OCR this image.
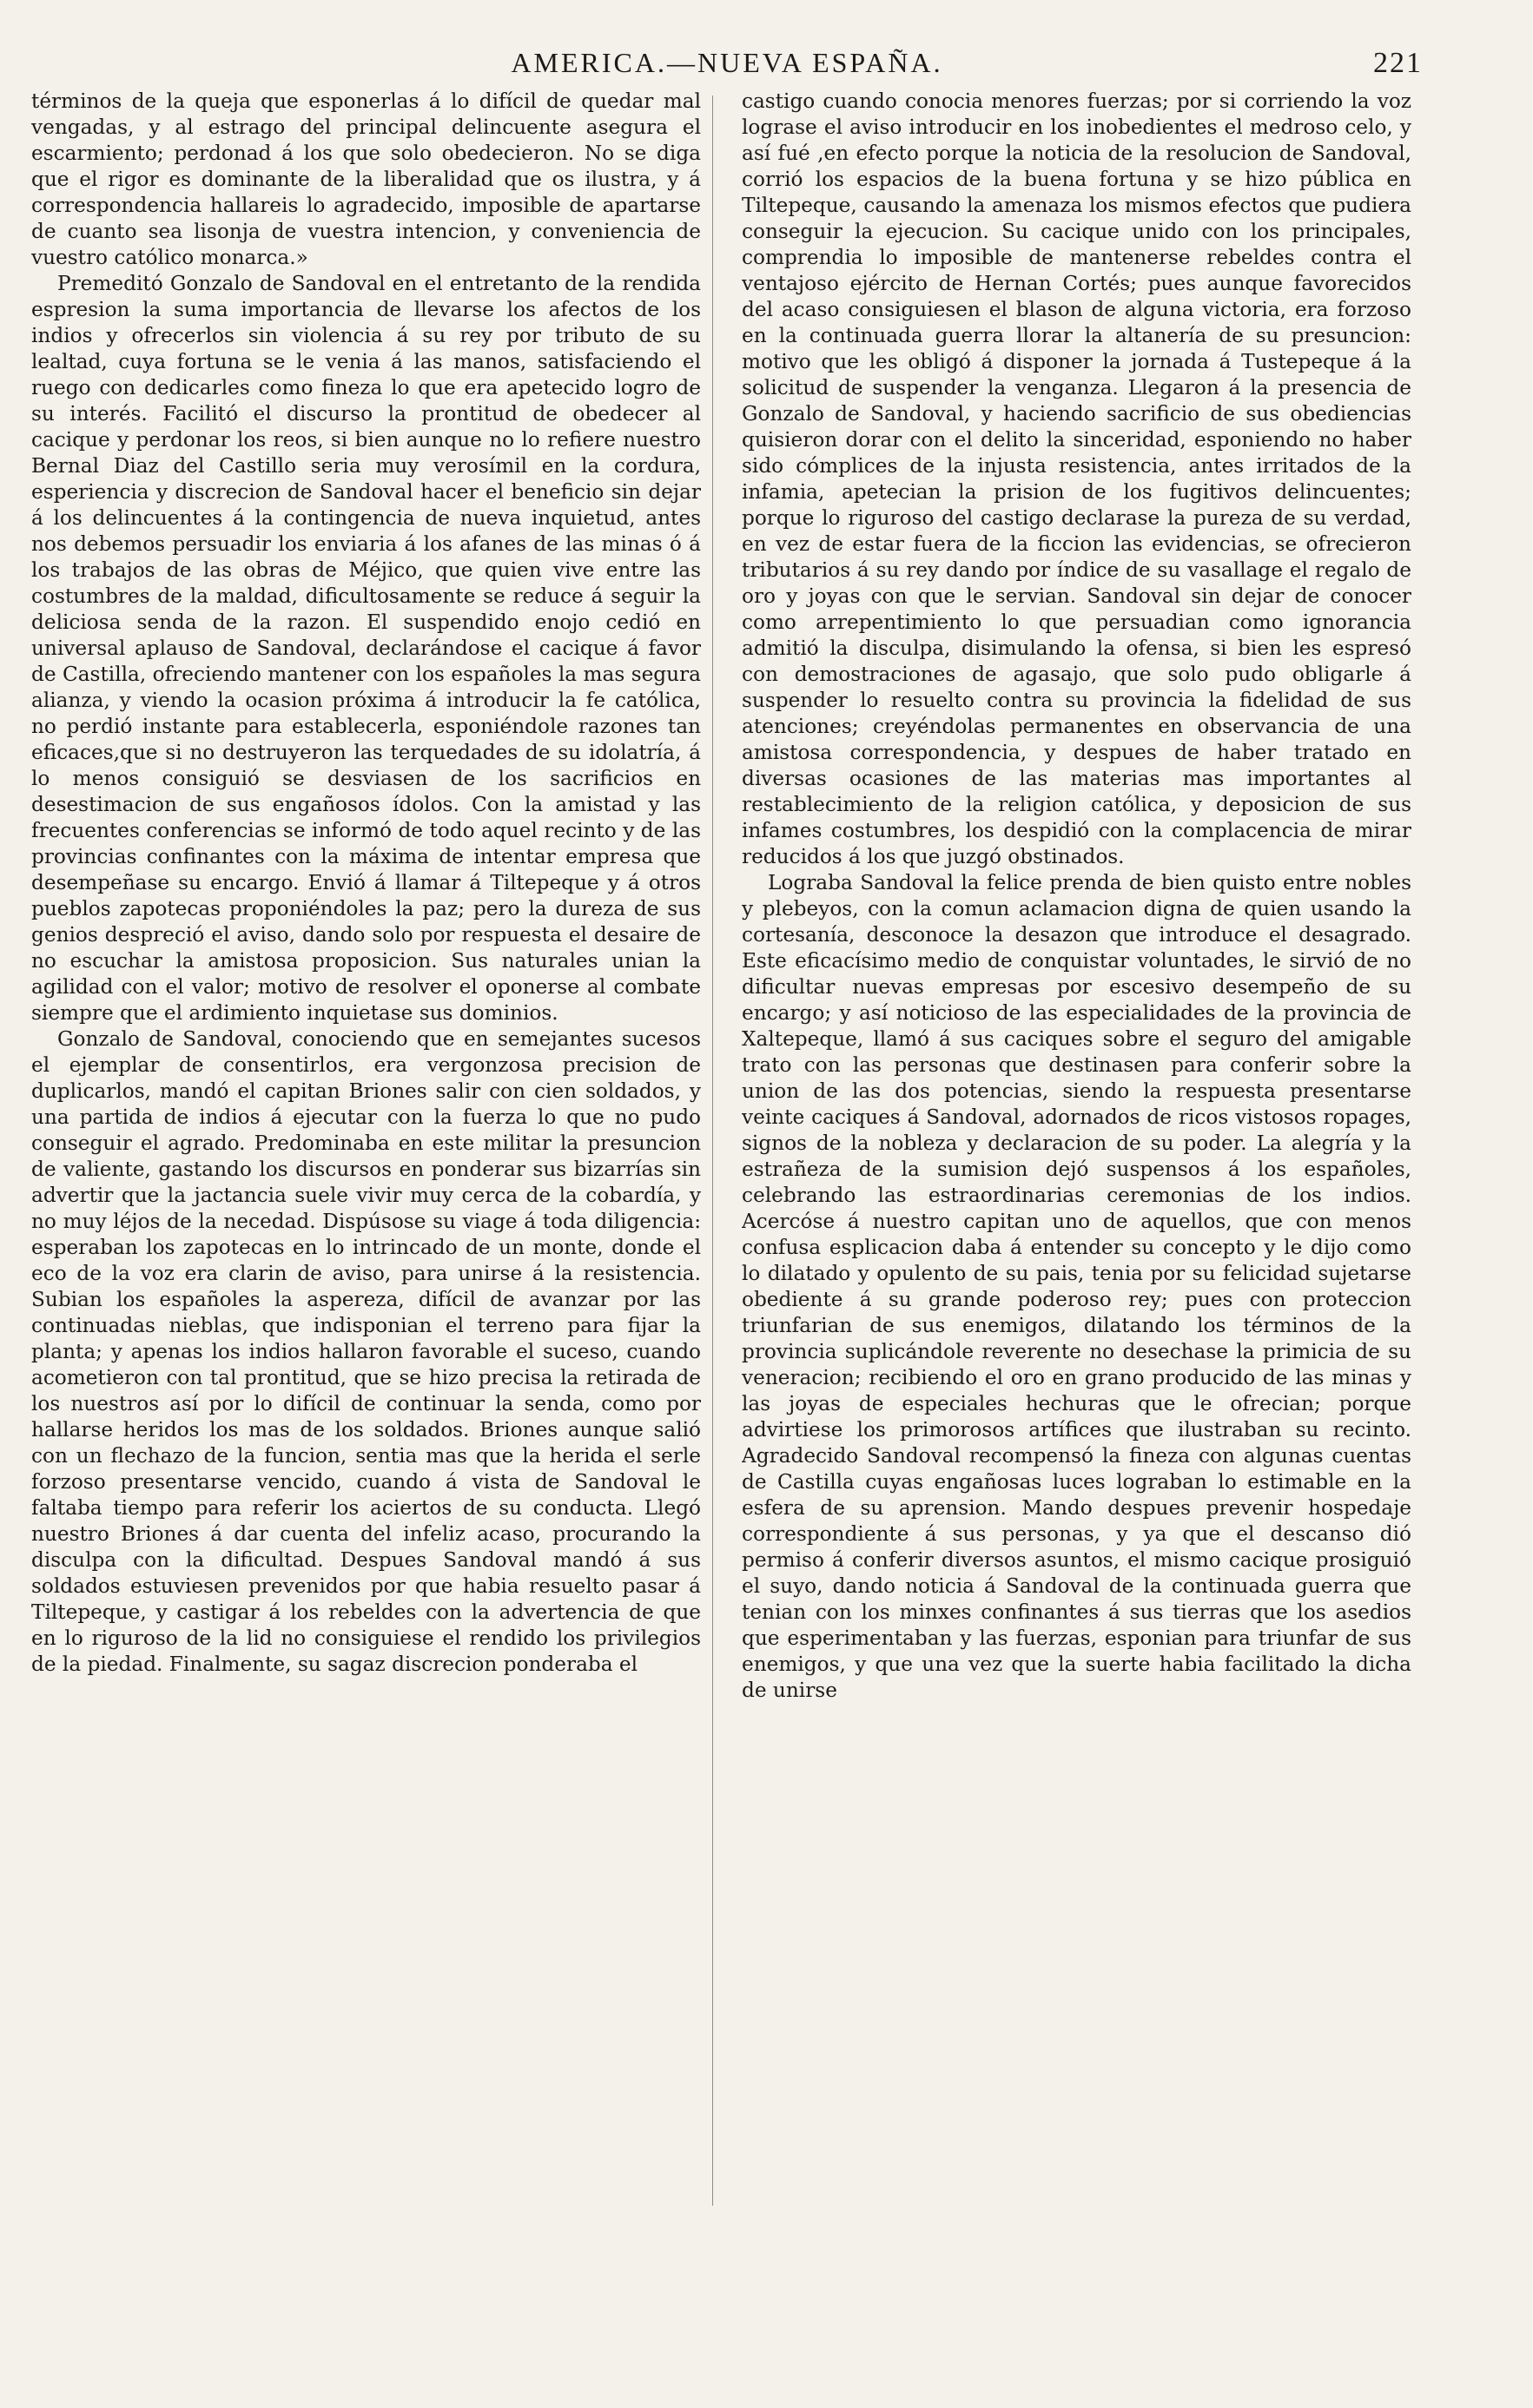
AMERICA.—NUEVA ESPAÑA.	221

términos de la queja que esponerlas á lo difícil de quedar mal vengadas, y al estrago del principal delincuente asegura el escarmiento; perdonad á los que solo obedecieron. No se diga que el rigor es dominante de la liberalidad que os ilustra, y á correspondencia hallareis lo agradecido, imposible de apartarse de cuanto sea lisonja de vuestra intencion, y conveniencia de vuestro católico monarca.»

Premeditó Gonzalo de Sandoval en el entretanto de la rendida espresion la suma importancia de llevarse los afectos de los indios y ofrecerlos sin violencia á su rey por tributo de su lealtad, cuya fortuna se le venia á las manos, satisfaciendo el ruego con dedicarles como fineza lo que era apetecido logro de su interés. Facilitó el discurso la prontitud de obedecer al cacique y perdonar los reos, si bien aunque no lo refiere nuestro Bernal Diaz del Castillo seria muy verosímil en la cordura, esperiencia y discrecion de Sandoval hacer el beneficio sin dejar á los delincuentes á la contingencia de nueva inquietud, antes nos debemos persuadir los enviaria á los afanes de las minas ó á los trabajos de las obras de Méjico, que quien vive entre las costumbres de la maldad, dificultosamente se reduce á seguir la deliciosa senda de la razon. El suspendido enojo cedió en universal aplauso de Sandoval, declarándose el cacique á favor de Castilla, ofreciendo mantener con los españoles la mas segura alianza, y viendo la ocasion próxima á introducir la fe católica, no perdió instante para establecerla, esponiéndole razones tan eficaces,que si no destruyeron las terquedades de su idolatría, á lo menos consiguió se desviasen de los sacrificios en desestimacion de sus engañosos ídolos. Con la amistad y las frecuentes conferencias se informó de todo aquel recinto y de las provincias confinantes con la máxima de intentar empresa que desempeñase su encargo. Envió á llamar á Tiltepeque y á otros pueblos zapotecas proponiéndoles la paz; pero la dureza de sus genios despreció el aviso, dando solo por respuesta el desaire de no escuchar la amistosa proposicion. Sus naturales unian la agilidad con el valor; motivo de resolver el oponerse al combate siempre que el ardimiento inquietase sus dominios.

Gonzalo de Sandoval, conociendo que en semejantes sucesos el ejemplar de consentirlos, era vergonzosa precision de duplicarlos, mandó el capitan Briones salir con cien soldados, y una partida de indios á ejecutar con la fuerza lo que no pudo conseguir el agrado. Predominaba en este militar la presuncion de valiente, gastando los discursos en ponderar sus bizarrías sin advertir que la jactancia suele vivir muy cerca de la cobardía, y no muy léjos de la necedad. Dispúsose su viage á toda diligencia: esperaban los zapotecas en lo intrincado de un monte, donde el eco de la voz era clarin de aviso, para unirse á la resistencia. Subian los españoles la aspereza, difícil de avanzar por las continuadas nieblas, que indisponian el terreno para fijar la planta; y apenas los indios hallaron favorable el suceso, cuando acometieron con tal prontitud, que se hizo precisa la retirada de los nuestros así por lo difícil de continuar la senda, como por hallarse heridos los mas de los soldados. Briones aunque salió con un flechazo de la funcion, sentia mas que la herida el serle forzoso presentarse vencido, cuando á vista de Sandoval le faltaba tiempo para referir los aciertos de su conducta. Llegó nuestro Briones á dar cuenta del infeliz acaso, procurando la disculpa con la dificultad. Despues Sandoval mandó á sus soldados estuviesen prevenidos por que habia resuelto pasar á Tiltepeque, y castigar á los rebeldes con la advertencia de que en lo riguroso de la lid no consiguiese el rendido los privilegios de la piedad. Finalmente, su sagaz discrecion ponderaba el

castigo cuando conocia menores fuerzas; por si corriendo la voz lograse el aviso introducir en los inobedientes el medroso celo, y así fué ,en efecto porque la noticia de la resolucion de Sandoval, corrió los espacios de la buena fortuna y se hizo pública en Tiltepeque, causando la amenaza los mismos efectos que pudiera conseguir la ejecucion. Su cacique unido con los principales, comprendia lo imposible de mantenerse rebeldes contra el ventajoso ejército de Hernan Cortés; pues aunque favorecidos del acaso consiguiesen el blason de alguna victoria, era forzoso en la continuada guerra llorar la altanería de su presuncion: motivo que les obligó á disponer la jornada á Tustepeque á la solicitud de suspender la venganza. Llegaron á la presencia de Gonzalo de Sandoval, y haciendo sacrificio de sus obediencias quisieron dorar con el delito la sinceridad, esponiendo no haber sido cómplices de la injusta resistencia, antes irritados de la infamia, apetecian la prision de los fugitivos delincuentes; porque lo riguroso del castigo declarase la pureza de su verdad, en vez de estar fuera de la ficcion las evidencias, se ofrecieron tributarios á su rey dando por índice de su vasallage el regalo de oro y joyas con que le servian. Sandoval sin dejar de conocer como arrepentimiento lo que persuadian como ignorancia admitió la disculpa, disimulando la ofensa, si bien les espresó con demostraciones de agasajo, que solo pudo obligarle á suspender lo resuelto contra su provincia la fidelidad de sus atenciones; creyéndolas permanentes en observancia de una amistosa correspondencia, y despues de haber tratado en diversas ocasiones de las materias mas importantes al restablecimiento de la religion católica, y deposicion de sus infames costumbres, los despidió con la complacencia de mirar reducidos á los que juzgó obstinados.

Lograba Sandoval la felice prenda de bien quisto entre nobles y plebeyos, con la comun aclamacion digna de quien usando la cortesanía, desconoce la desazon que introduce el desagrado. Este eficacísimo medio de conquistar voluntades, le sirvió de no dificultar nuevas empresas por escesivo desempeño de su encargo; y así noticioso de las especialidades de la provincia de Xaltepeque, llamó á sus caciques sobre el seguro del amigable trato con las personas que destinasen para conferir sobre la union de las dos potencias, siendo la respuesta presentarse veinte caciques á Sandoval, adornados de ricos vistosos ropages, signos de la nobleza y declaracion de su poder. La alegría y la estrañeza de la sumision dejó suspensos á los españoles, celebrando las estraordinarias ceremonias de los indios. Acercóse á nuestro capitan uno de aquellos, que con menos confusa esplicacion daba á entender su concepto y le dijo como lo dilatado y opulento de su pais, tenia por su felicidad sujetarse obediente á su grande poderoso rey; pues con proteccion triunfarian de sus enemigos, dilatando los términos de la provincia suplicándole reverente no desechase la primicia de su veneracion; recibiendo el oro en grano producido de las minas y las joyas de especiales hechuras que le ofrecian; porque advirtiese los primorosos artífices que ilustraban su recinto. Agradecido Sandoval recompensó la fineza con algunas cuentas de Castilla cuyas engañosas luces lograban lo estimable en la esfera de su aprension. Mando despues prevenir hospedaje correspondiente á sus personas, y ya que el descanso dió permiso á conferir diversos asuntos, el mismo cacique prosiguió el suyo, dando noticia á Sandoval de la continuada guerra que tenian con los minxes confinantes á sus tierras que los asedios que esperimentaban y las fuerzas, esponian para triunfar de sus enemigos, y que una vez que la suerte habia facilitado la dicha de unirse
